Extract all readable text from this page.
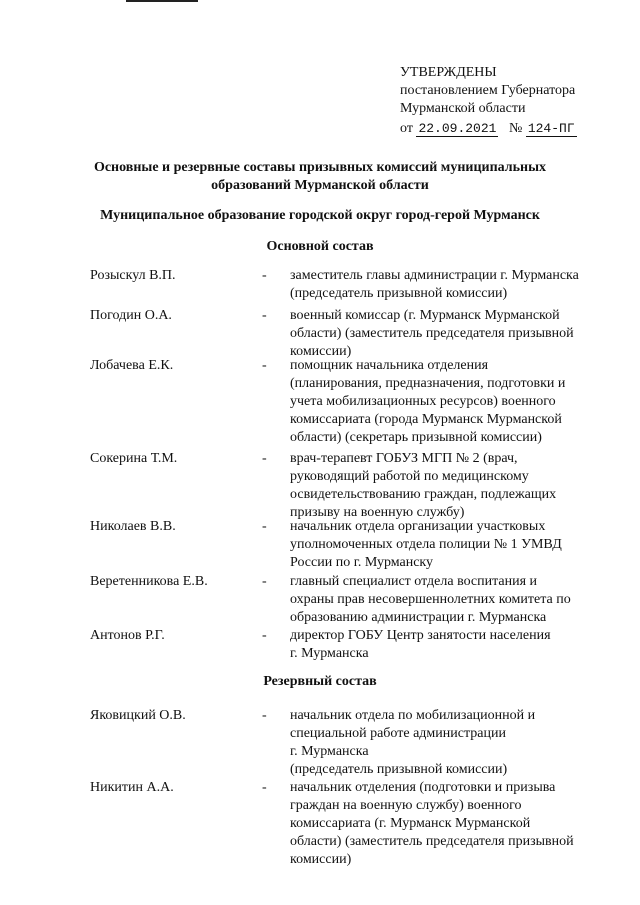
УТВЕРЖДЕНЫ
постановлением Губернатора
Мурманской области
от 22.09.2021 № 124-ПГ
Основные и резервные составы призывных комиссий муниципальных
образований Мурманской области
Муниципальное образование городской округ город-герой Мурманск
Основной состав
Розыскул В.П.	- заместитель главы администрации г. Мурманска
(председатель призывной комиссии)
Погодин О.А.	- военный комиссар (г. Мурманск Мурманской
области) (заместитель председателя призывной
комиссии)
Лобачева Е.К.	- помощник начальника отделения
(планирования, предназначения, подготовки и
учета мобилизационных ресурсов) военного
комиссариата (города Мурманск Мурманской
области) (секретарь призывной комиссии)
Сокерина Т.М.	- врач-терапевт ГОБУЗ МГП № 2 (врач,
руководящий работой по медицинскому
освидетельствованию граждан, подлежащих
призыву на военную службу)
Николаев В.В.	- начальник отдела организации участковых
уполномоченных отдела полиции № 1 УМВД
России по г. Мурманску
Веретенникова Е.В.	- главный специалист отдела воспитания и
охраны прав несовершеннолетних комитета по
образованию администрации г. Мурманска
Антонов Р.Г.	- директор ГОБУ Центр занятости населения
г. Мурманска
Резервный состав
Яковицкий О.В.	- начальник отдела по мобилизационной и
специальной работе администрации
г. Мурманска
(председатель призывной комиссии)
Никитин А.А.	- начальник отделения (подготовки и призыва
граждан на военную службу) военного
комиссариата (г. Мурманск Мурманской
области) (заместитель председателя призывной
комиссии)
